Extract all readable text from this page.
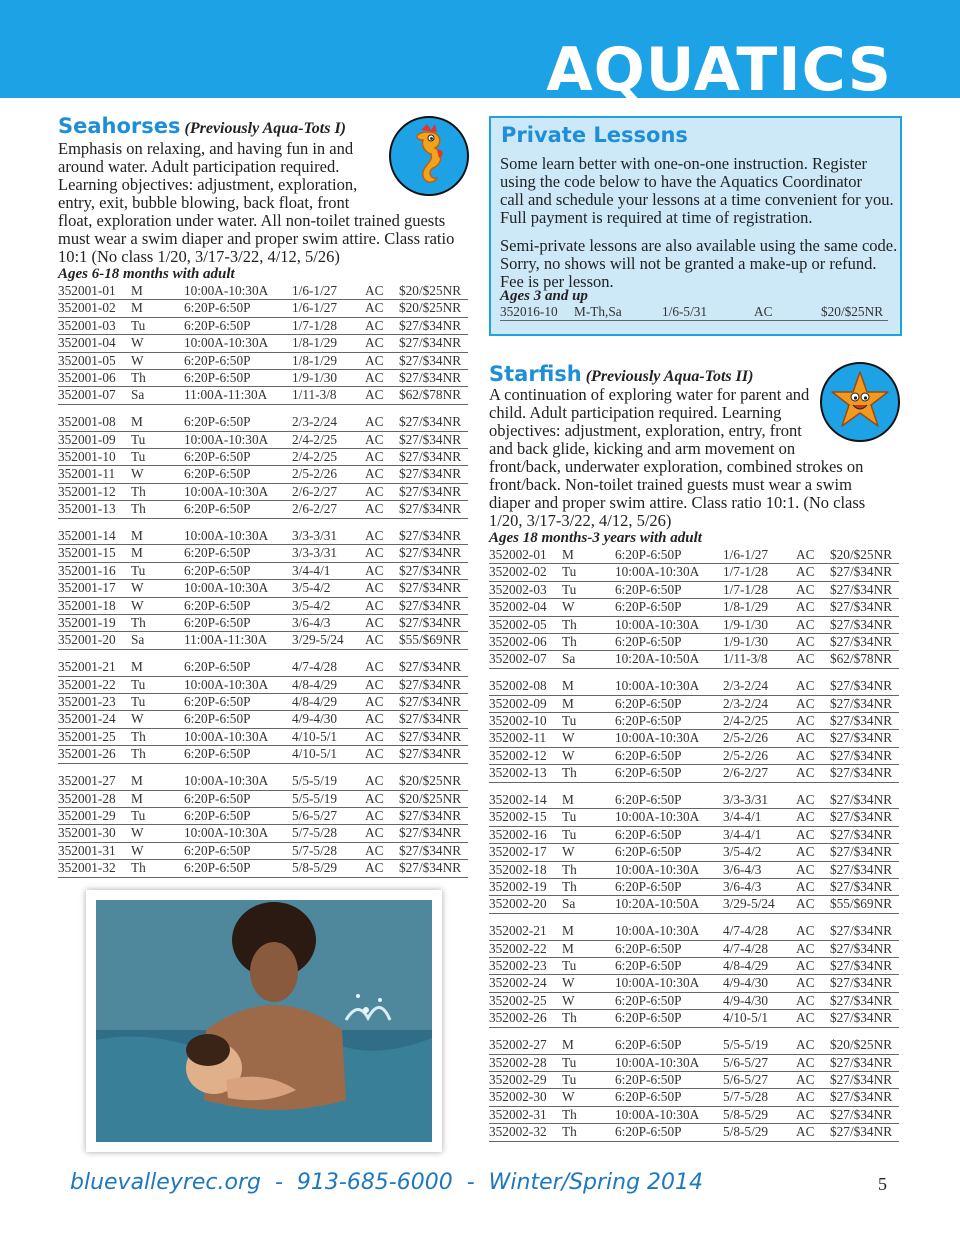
AQUATICS
Seahorses (Previously Aqua-Tots I)
Emphasis on relaxing, and having fun in and
around water. Adult participation required.
Learning objectives: adjustment, exploration,
entry, exit, bubble blowing, back float, front
float, exploration under water. All non-toilet trained guests
must wear a swim diaper and proper swim attire. Class ratio
10:1 (No class 1/20, 3/17-3/22, 4/12, 5/26)

Ages 6-18 months with adult

352001-01 M	10:00A-10:30A 1/6-1/27 AC $20/$25NR
352001-02 M	6:20P-6:50P	1/6-1/27 AC $20/$25NR
352001-03 Tu	6:20P-6:50P	1/7-1/28 AC $27/$34NR
352001-04 W	10:00A-10:30A 1/8-1/29 AC $27/$34NR
352001-05 W	6:20P-6:50P	1/8-1/29 AC $27/$34NR
352001-06 Th	6:20P-6:50P	1/9-1/30 AC $27/$34NR
352001-07 Sa	11:00A-11:30A 1/11-3/8 AC $62/$78NR
352001-08 M	6:20P-6:50P	2/3-2/24 AC $27/$34NR
352001-09 Tu	10:00A-10:30A 2/4-2/25 AC $27/$34NR
352001-10 Tu	6:20P-6:50P	2/4-2/25 AC $27/$34NR
352001-11 W	6:20P-6:50P	2/5-2/26 AC $27/$34NR
352001-12 Th	10:00A-10:30A 2/6-2/27 AC $27/$34NR
352001-13 Th	6:20P-6:50P	2/6-2/27 AC $27/$34NR
352001-14 M	10:00A-10:30A 3/3-3/31 AC $27/$34NR
352001-15 M	6:20P-6:50P	3/3-3/31 AC $27/$34NR
352001-16 Tu	6:20P-6:50P	3/4-4/1	AC $27/$34NR
352001-17 W	10:00A-10:30A 3/5-4/2	AC $27/$34NR
352001-18 W	6:20P-6:50P	3/5-4/2	AC $27/$34NR
352001-19 Th	6:20P-6:50P	3/6-4/3	AC $27/$34NR
352001-20 Sa	11:00A-11:30A 3/29-5/24 AC $55/$69NR
352001-21 M	6:20P-6:50P	4/7-4/28 AC $27/$34NR
352001-22 Tu	10:00A-10:30A 4/8-4/29 AC $27/$34NR
352001-23 Tu	6:20P-6:50P	4/8-4/29 AC $27/$34NR
352001-24 W	6:20P-6:50P	4/9-4/30 AC $27/$34NR
352001-25 Th	10:00A-10:30A 4/10-5/1 AC $27/$34NR
352001-26 Th	6:20P-6:50P	4/10-5/1 AC $27/$34NR
352001-27 M	10:00A-10:30A 5/5-5/19 AC $20/$25NR
352001-28 M	6:20P-6:50P	5/5-5/19 AC $20/$25NR
352001-29 Tu	6:20P-6:50P	5/6-5/27 AC $27/$34NR
352001-30 W	10:00A-10:30A 5/7-5/28 AC $27/$34NR
352001-31 W	6:20P-6:50P	5/7-5/28 AC $27/$34NR
352001-32 Th	6:20P-6:50P	5/8-5/29 AC $27/$34NR
Private Lessons
Some learn better with one-on-one instruction. Register
using the code below to have the Aquatics Coordinator
call and schedule your lessons at a time convenient for you.
Full payment is required at time of registration.
Semi-private lessons are also available using the same code.
Sorry, no shows will not be granted a make-up or refund.
Fee is per lesson.

Ages 3 and up

352016-10 M-Th,Sa	1/6-5/31	AC	$20/$25NR
Starfish (Previously Aqua-Tots II)
A continuation of exploring water for parent and
child. Adult participation required. Learning
objectives: adjustment, exploration, entry, front
and back glide, kicking and arm movement on
front/back, underwater exploration, combined strokes on
front/back. Non-toilet trained guests must wear a swim
diaper and proper swim attire. Class ratio 10:1. (No class
1/20, 3/17-3/22, 4/12, 5/26)

Ages 18 months-3 years with adult

352002-01 M	6:20P-6:50P	1/6-1/27 AC $20/$25NR
352002-02 Tu	10:00A-10:30A 1/7-1/28 AC $27/$34NR
352002-03 Tu	6:20P-6:50P	1/7-1/28 AC $27/$34NR
352002-04 W	6:20P-6:50P	1/8-1/29 AC $27/$34NR
352002-05 Th	10:00A-10:30A 1/9-1/30 AC $27/$34NR
352002-06 Th	6:20P-6:50P	1/9-1/30 AC $27/$34NR
352002-07 Sa	10:20A-10:50A 1/11-3/8 AC $62/$78NR
352002-08 M	10:00A-10:30A 2/3-2/24 AC $27/$34NR
352002-09 M	6:20P-6:50P	2/3-2/24 AC $27/$34NR
352002-10 Tu	6:20P-6:50P	2/4-2/25 AC $27/$34NR
352002-11 W	10:00A-10:30A 2/5-2/26 AC $27/$34NR
352002-12 W	6:20P-6:50P	2/5-2/26 AC $27/$34NR
352002-13 Th	6:20P-6:50P	2/6-2/27 AC $27/$34NR
352002-14 M	6:20P-6:50P	3/3-3/31 AC $27/$34NR
352002-15 Tu	10:00A-10:30A 3/4-4/1	AC $27/$34NR
352002-16 Tu	6:20P-6:50P	3/4-4/1	AC $27/$34NR
352002-17 W	6:20P-6:50P	3/5-4/2	AC $27/$34NR
352002-18 Th	10:00A-10:30A 3/6-4/3	AC $27/$34NR
352002-19 Th	6:20P-6:50P	3/6-4/3	AC $27/$34NR
352002-20 Sa	10:20A-10:50A 3/29-5/24 AC $55/$69NR
352002-21 M	10:00A-10:30A 4/7-4/28 AC $27/$34NR
352002-22 M	6:20P-6:50P	4/7-4/28 AC $27/$34NR
352002-23 Tu	6:20P-6:50P	4/8-4/29 AC $27/$34NR
352002-24 W	10:00A-10:30A 4/9-4/30 AC $27/$34NR
352002-25 W	6:20P-6:50P	4/9-4/30 AC $27/$34NR
352002-26 Th	6:20P-6:50P	4/10-5/1 AC $27/$34NR
352002-27 M	6:20P-6:50P	5/5-5/19 AC $20/$25NR
352002-28 Tu	10:00A-10:30A 5/6-5/27 AC $27/$34NR
352002-29 Tu	6:20P-6:50P	5/6-5/27 AC $27/$34NR
352002-30 W	6:20P-6:50P	5/7-5/28 AC $27/$34NR
352002-31 Th	10:00A-10:30A 5/8-5/29 AC $27/$34NR
352002-32 Th	6:20P-6:50P	5/8-5/29 AC $27/$34NR
bluevalleyrec.org  -  913-685-6000  -  Winter/Spring 2014	5
